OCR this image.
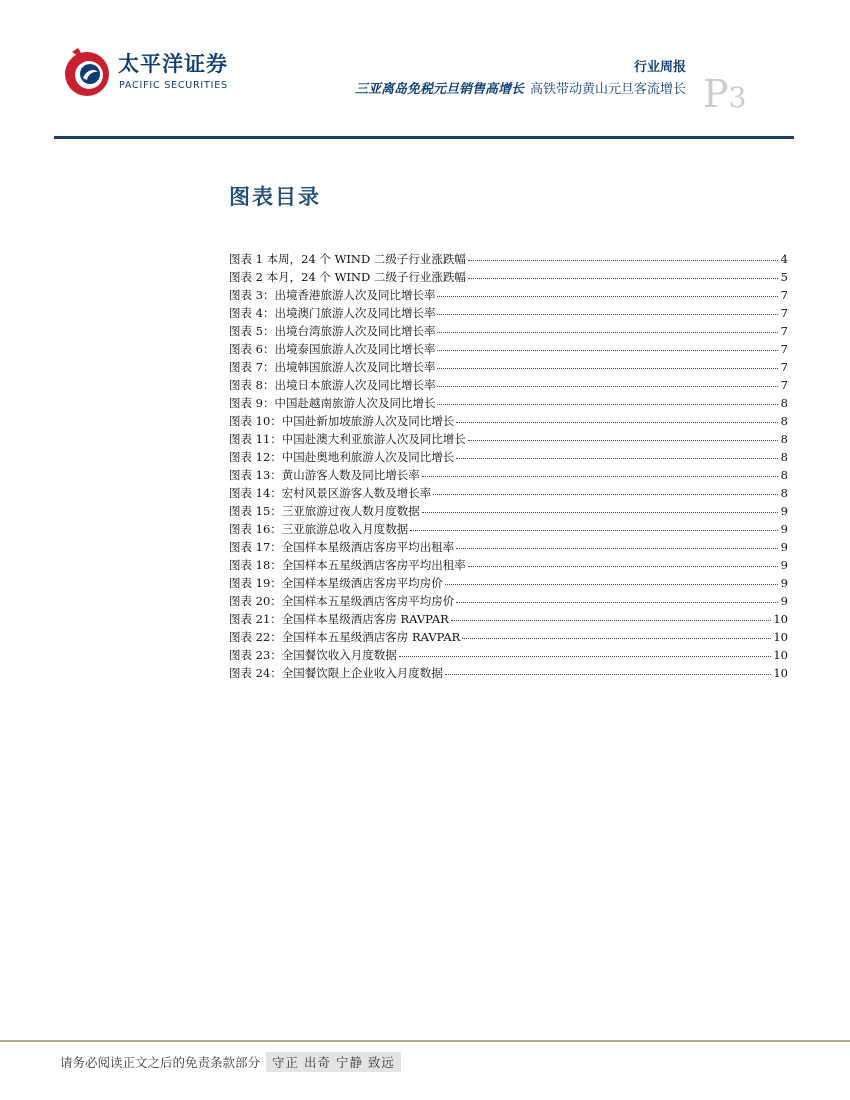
太平洋证券
PACIFIC SECURITIES
行业周报
三亚离岛免税元旦销售高增长 高铁带动黄山元旦客流增长 P3
图表目录
图表 1 本周，24 个 WIND 二级子行业涨跌幅	4
图表 2 本月，24 个 WIND 二级子行业涨跌幅	5
图表 3：出境香港旅游人次及同比增长率	7
图表 4：出境澳门旅游人次及同比增长率	7
图表 5：出境台湾旅游人次及同比增长率	7
图表 6：出境泰国旅游人次及同比增长率	7
图表 7：出境韩国旅游人次及同比增长率	7
图表 8：出境日本旅游人次及同比增长率	7
图表 9：中国赴越南旅游人次及同比增长	8
图表 10：中国赴新加坡旅游人次及同比增长	8
图表 11：中国赴澳大利亚旅游人次及同比增长	8
图表 12：中国赴奥地利旅游人次及同比增长	8
图表 13：黄山游客人数及同比增长率	8
图表 14：宏村风景区游客人数及增长率	8
图表 15：三亚旅游过夜人数月度数据	9
图表 16：三亚旅游总收入月度数据	9
图表 17：全国样本星级酒店客房平均出租率	9
图表 18：全国样本五星级酒店客房平均出租率	9
图表 19：全国样本星级酒店客房平均房价	9
图表 20：全国样本五星级酒店客房平均房价	9
图表 21：全国样本星级酒店客房 RAVPAR	10
图表 22：全国样本五星级酒店客房 RAVPAR	10
图表 23：全国餐饮收入月度数据	10
图表 24：全国餐饮限上企业收入月度数据	10
请务必阅读正文之后的免责条款部分 守正 出奇 宁静 致远
